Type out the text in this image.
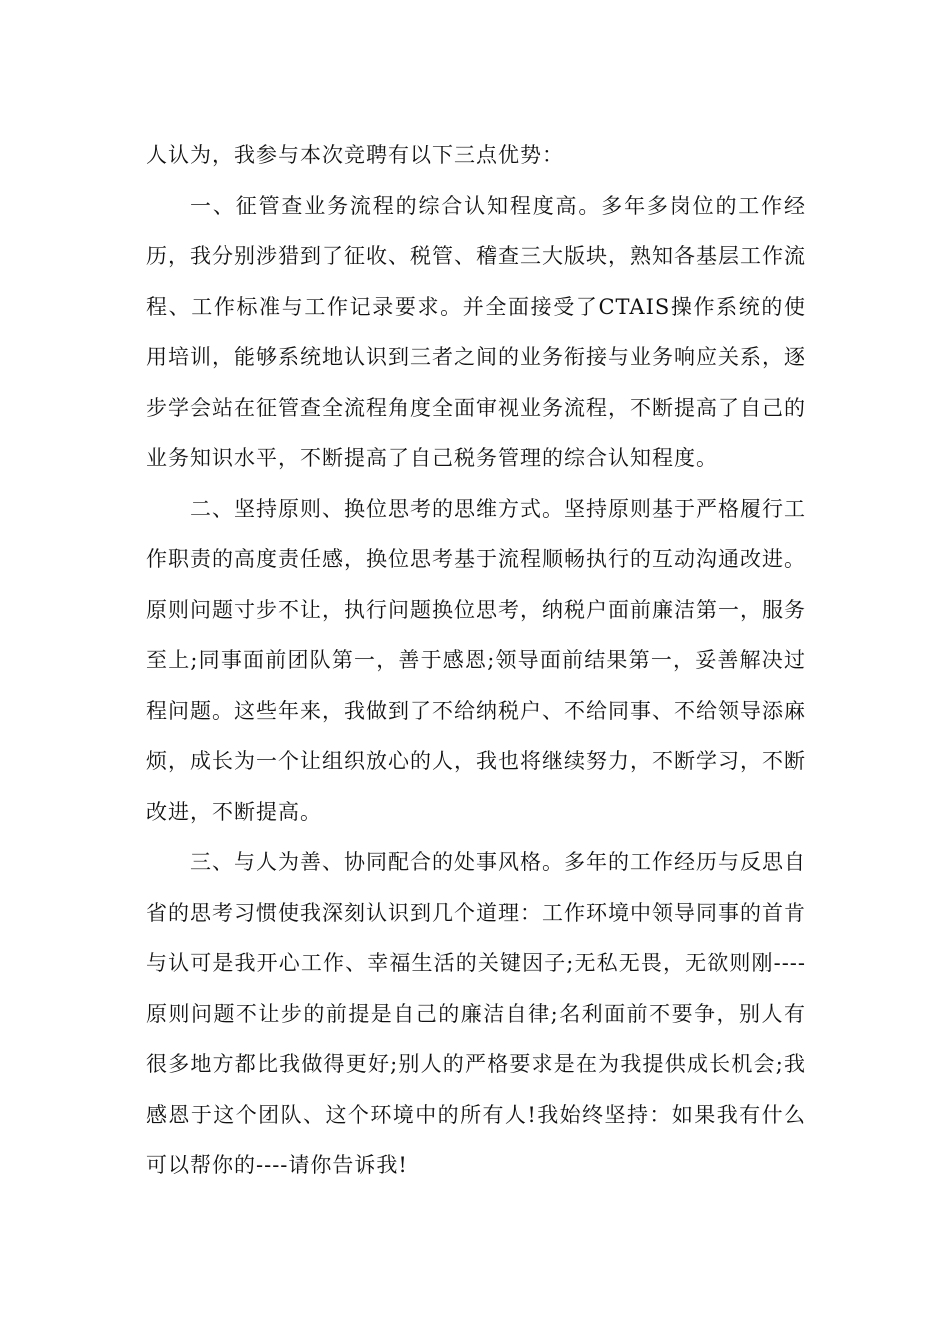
人认为，我参与本次竞聘有以下三点优势：

一、征管查业务流程的综合认知程度高。多年多岗位的工作经历，我分别涉猎到了征收、税管、稽查三大版块，熟知各基层工作流程、工作标准与工作记录要求。并全面接受了CTAIS操作系统的使用培训，能够系统地认识到三者之间的业务衔接与业务响应关系，逐步学会站在征管查全流程角度全面审视业务流程，不断提高了自己的业务知识水平，不断提高了自己税务管理的综合认知程度。

二、坚持原则、换位思考的思维方式。坚持原则基于严格履行工作职责的高度责任感，换位思考基于流程顺畅执行的互动沟通改进。原则问题寸步不让，执行问题换位思考，纳税户面前廉洁第一，服务至上;同事面前团队第一，善于感恩;领导面前结果第一，妥善解决过程问题。这些年来，我做到了不给纳税户、不给同事、不给领导添麻烦，成长为一个让组织放心的人，我也将继续努力，不断学习，不断改进，不断提高。

三、与人为善、协同配合的处事风格。多年的工作经历与反思自省的思考习惯使我深刻认识到几个道理：工作环境中领导同事的首肯与认可是我开心工作、幸福生活的关键因子;无私无畏，无欲则刚----原则问题不让步的前提是自己的廉洁自律;名利面前不要争，别人有很多地方都比我做得更好;别人的严格要求是在为我提供成长机会;我感恩于这个团队、这个环境中的所有人!我始终坚持：如果我有什么可以帮你的----请你告诉我!
